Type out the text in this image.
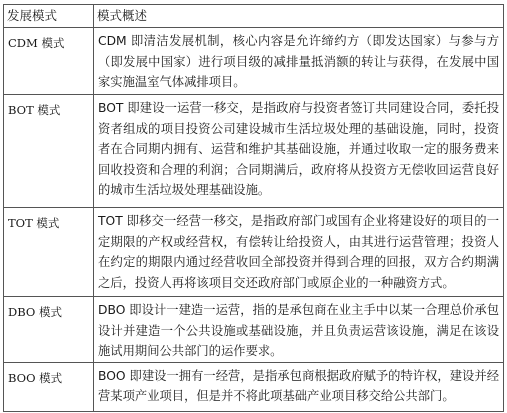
发展模式	模式概述

CDM 模式	CDM 即清洁发展机制，核心内容是允许缔约方（即发达国家）与参与方（即发展中国家）进行项目级的减排量抵消额的转让与获得，在发展中国家实施温室气体减排项目。

BOT 模式	BOT 即建设一运营一移交，是指政府与投资者签订共同建设合同，委托投资者组成的项目投资公司建设城市生活垃圾处理的基础设施，同时，投资者在合同期内拥有、运营和维护其基础设施，并通过收取一定的服务费来回收投资和合理的利润；合同期满后，政府将从投资方无偿收回运营良好的城市生活垃圾处理基础设施。

TOT 模式	TOT 即移交一经营一移交，是指政府部门或国有企业将建设好的项目的一定期限的产权或经营权，有偿转让给投资人，由其进行运营管理；投资人在约定的期限内通过经营收回全部投资并得到合理的回报，双方合约期满之后，投资人再将该项目交还政府部门或原企业的一种融资方式。

DBO 模式	DBO 即设计一建造一运营，指的是承包商在业主手中以某一合理总价承包设计并建造一个公共设施或基础设施，并且负责运营该设施，满足在该设施试用期间公共部门的运作要求。

BOO 模式	BOO 即建设一拥有一经营，是指承包商根据政府赋予的特许权，建设并经营某项产业项目，但是并不将此项基础产业项目移交给公共部门。
